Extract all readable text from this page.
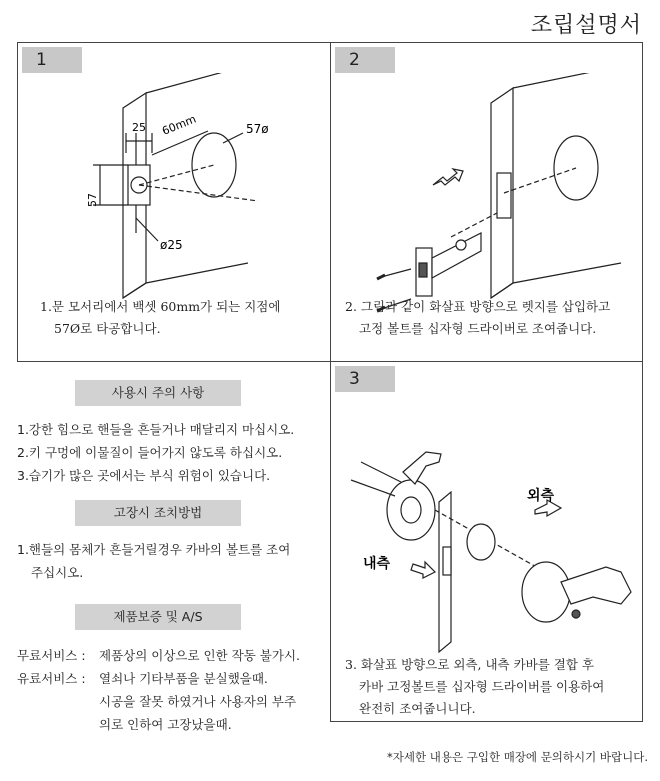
조립설명서
1
25 60mm
57
57ø
ø25
1.문 모서리에서 백셋 60mm가 되는 지점에
57Ø로 타공합니다.
2
2. 그림과 같이 화살표 방향으로 렛지를 삽입하고
고정 볼트를 십자형 드라이버로 조여줍니다.
3
외측
내측
3. 화살표 방향으로 외측, 내측 카바를 결합 후
카바 고정볼트를 십자형 드라이버를 이용하여
완전히 조여줍니니다.
사용시 주의 사항
1.강한 힘으로 핸들을 흔들거나 매달리지 마십시오.
2.키 구멍에 이물질이 들어가지 않도록 하십시오.
3.습기가 많은 곳에서는 부식 위험이 있습니다.
고장시 조치방법
1.핸들의 몸체가 흔들거릴경우 카바의 볼트를 조여
주십시오.
제품보증 및 A/S
무료서비스 :	제품상의 이상으로 인한 작동 불가시.
유료서비스 :	열쇠나 기타부품을 분실했을때.
시공을 잘못 하였거나 사용자의 부주
의로 인하여 고장났을때.
*자세한 내용은 구입한 매장에 문의하시기 바랍니다.
